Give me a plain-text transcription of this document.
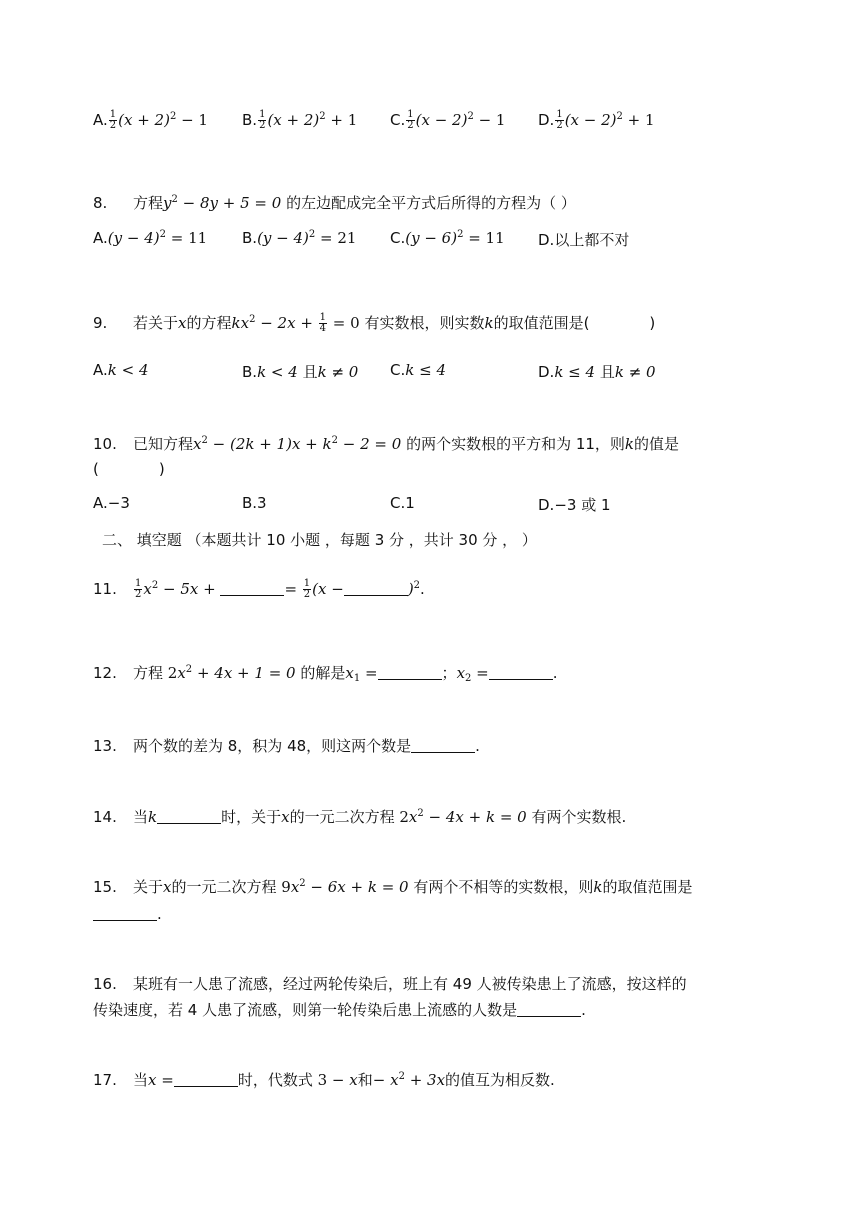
A. $\frac{1}{2} (x + 2)^2 - 1$ B. $\frac{1}{2} (x + 2)^2 + 1$ C. $\frac{1}{2} (x - 2)^2 - 1$ D. $\frac{1}{2} (x - 2)^2 + 1$
8. 方程$y^2 - 8y + 5 = 0$ 的左边配成完全平方式后所得的方程为（ ）
$A.(y - 4)^2 = 11$ $B.(y - 4)^2 = 21$ $C.(y - 6)^2 = 11$ D.以上都不对
9. 若关于x的方程$kx^2 - 2x + \frac{1}{4} = 0$ 有实数根，则实数k的取值范围是(	)
A.k < 4	B.k < 4 且k ≠ 0 C.k ≤ 4	D.k ≤ 4 且k ≠ 0
10. 已知方程$x^2 - (2k + 1)x + k^2 - 2 = 0$ 的两个实数根的平方和为 11，则k的值是
(	)
A.−3	B.3	C.1	D.−3 或 1
二、 填空题 （本题共计 10 小题 ，每题 3 分 ，共计 30 分 ， ）
11. $\frac{1}{2} x^2 - 5x$ +	= $\frac{1}{2} (x$ −	)$^2$.
12. 方程 $2x^2 + 4x + 1 = 0$ 的解是$x_1$ =	；$x_2$ =	.
13. 两个数的差为 8，积为 48，则这两个数是	.
14. 当k	时，关于x的一元二次方程 $2x^2 - 4x + k = 0$ 有两个实数根.
15. 关于x的一元二次方程 $9x^2 - 6x + k = 0$ 有两个不相等的实数根，则k的取值范围是
.
16. 某班有一人患了流感，经过两轮传染后，班上有 49 人被传染患上了流感，按这样的
传染速度，若 4 人患了流感，则第一轮传染后患上流感的人数是	.
17. 当x =	时，代数式 3 − x和− $x^2 + 3x$的值互为相反数.
